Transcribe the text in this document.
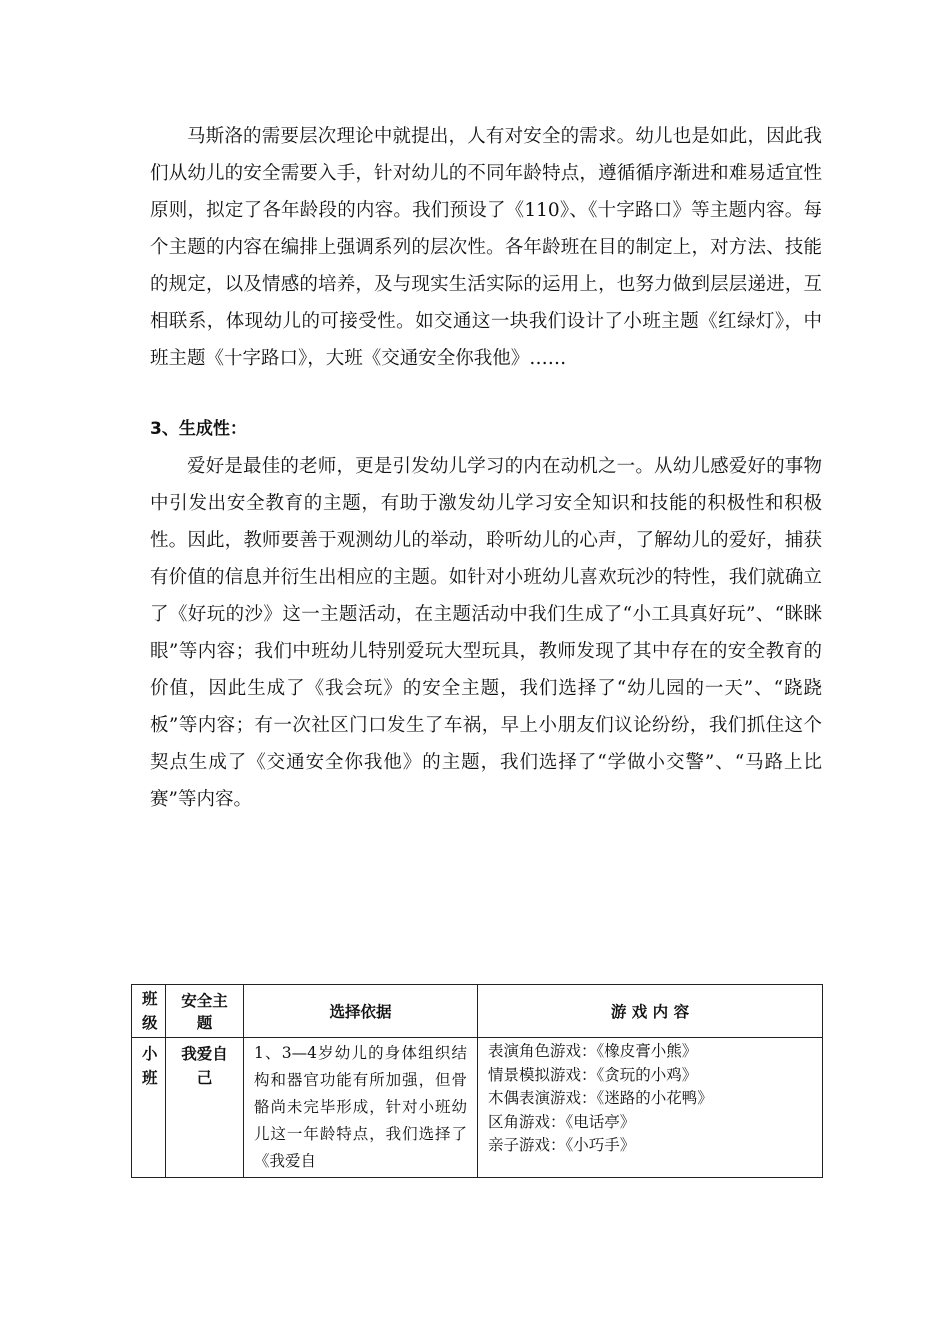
马斯洛的需要层次理论中就提出，人有对安全的需求。幼儿也是如此，因此我们从幼儿的安全需要入手，针对幼儿的不同年龄特点，遵循循序渐进和难易适宜性原则，拟定了各年龄段的内容。我们预设了《110》、《十字路口》等主题内容。每个主题的内容在编排上强调系列的层次性。各年龄班在目的制定上，对方法、技能的规定，以及情感的培养，及与现实生活实际的运用上，也努力做到层层递进，互相联系，体现幼儿的可接受性。如交通这一块我们设计了小班主题《红绿灯》，中班主题《十字路口》，大班《交通安全你我他》……

3、生成性：

爱好是最佳的老师，更是引发幼儿学习的内在动机之一。从幼儿感爱好的事物中引发出安全教育的主题，有助于激发幼儿学习安全知识和技能的积极性和积极性。因此，教师要善于观测幼儿的举动，聆听幼儿的心声，了解幼儿的爱好，捕获有价值的信息并衍生出相应的主题。如针对小班幼儿喜欢玩沙的特性，我们就确立了《好玩的沙》这一主题活动，在主题活动中我们生成了“小工具真好玩”、“眯眯眼”等内容；我们中班幼儿特别爱玩大型玩具，教师发现了其中存在的安全教育的价值，因此生成了《我会玩》的安全主题，我们选择了“幼儿园的一天”、“跷跷板”等内容；有一次社区门口发生了车祸，早上小朋友们议论纷纷，我们抓住这个契点生成了《交通安全你我他》的主题，我们选择了“学做小交警”、“马路上比赛”等内容。

班
级	安全主题	选择依据	游 戏 内 容

小
班	我爱自己	1、3—4岁幼儿的身体组织结构和器官功能有所加强，但骨骼尚未完毕形成，针对小班幼儿这一年龄特点，我们选择了《我爱自	表演角色游戏：《橡皮膏小熊》
情景模拟游戏：《贪玩的小鸡》
木偶表演游戏：《迷路的小花鸭》
区角游戏：《电话亭》
亲子游戏：《小巧手》
